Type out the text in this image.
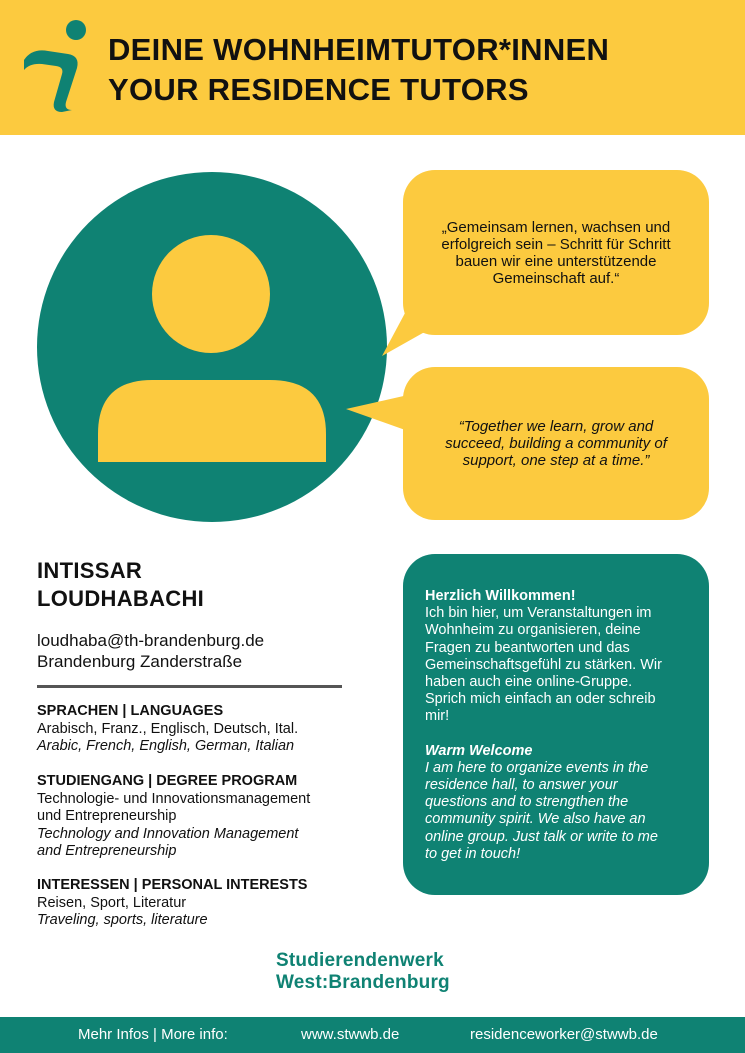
DEINE WOHNHEIMTUTOR*INNEN
YOUR RESIDENCE TUTORS
„Gemeinsam lernen, wachsen und erfolgreich sein – Schritt für Schritt bauen wir eine unterstützende Gemeinschaft auf.“
“Together we learn, grow and succeed, building a community of support, one step at a time.”
INTISSAR
LOUDHABACHI
loudhaba@th-brandenburg.de
Brandenburg Zanderstraße
SPRACHEN | LANGUAGES
Arabisch, Franz., Englisch, Deutsch, Ital.
Arabic, French, English, German, Italian
STUDIENGANG | DEGREE PROGRAM
Technologie- und Innovationsmanagement
und Entrepreneurship
Technology and Innovation Management
and Entrepreneurship
INTERESSEN | PERSONAL INTERESTS
Reisen, Sport, Literatur
Traveling, sports, literature
Herzlich Willkommen!
Ich bin hier, um Veranstaltungen im
Wohnheim zu organisieren, deine
Fragen zu beantworten und das
Gemeinschaftsgefühl zu stärken. Wir
haben auch eine online-Gruppe.
Sprich mich einfach an oder schreib
mir!
Warm Welcome
I am here to organize events in the
residence hall, to answer your
questions and to strengthen the
community spirit. We also have an
online group. Just talk or write to me
to get in touch!
Studierendenwerk
West:Brandenburg
Mehr Infos | More info:	www.stwwb.de	residenceworker@stwwb.de
